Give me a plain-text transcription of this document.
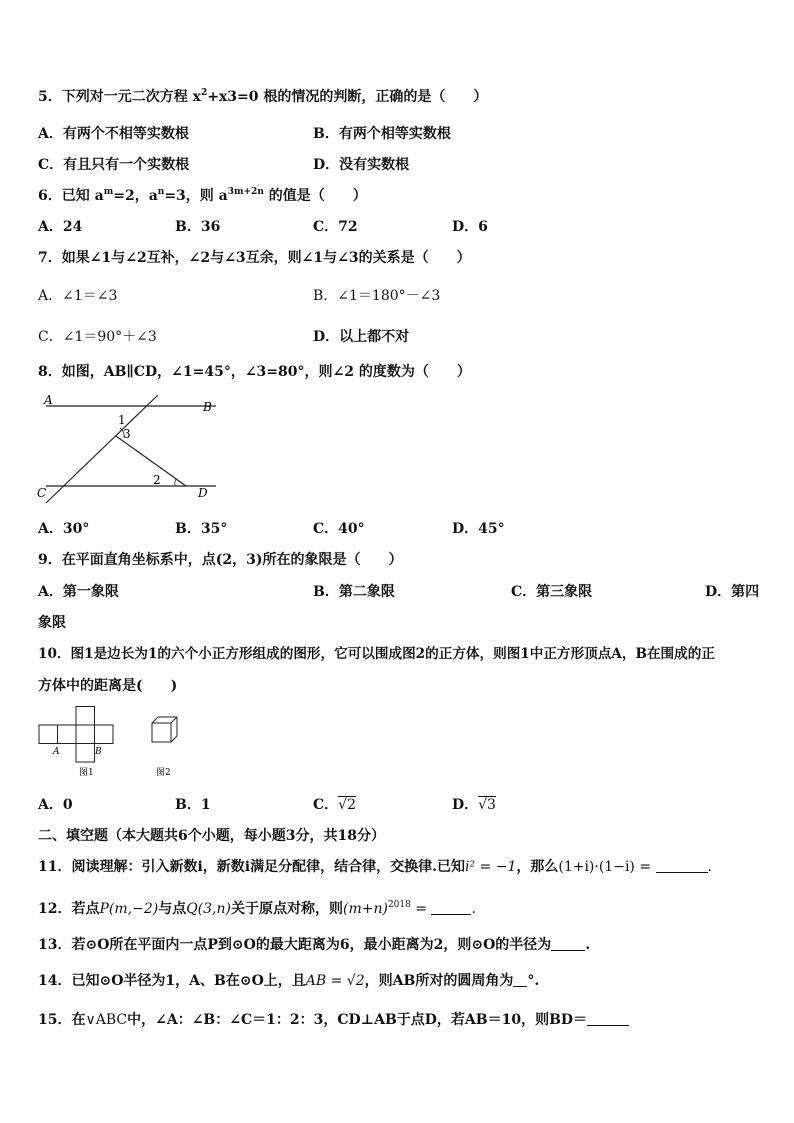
5．下列对一元二次方程 $x^2+x3=0$ 根的情况的判断，正确的是（　　）
A．有两个不相等实数根	B．有两个相等实数根
C．有且只有一个实数根	D．没有实数根
6．已知 $a^m=2$，$a^n=3$，则 $a^{3m+2n}$ 的值是（　　）
A．24	B．36	C．72	D．6
7．如果∠1与∠2互补，∠2与∠3互余，则∠1与∠3的关系是（　　）
A．∠1＝∠3	B．∠1＝180°－∠3
C．∠1＝90°＋∠3	D．以上都不对
8．如图，AB∥CD，∠1=45°，∠3=80°，则∠2 的度数为（　　）
A	B
C	D
1
3
2
A．30°	B．35°	C．40°	D．45°
9．在平面直角坐标系中，点(2，3)所在的象限是（　　）
A．第一象限	B．第二象限	C．第三象限	D．第四
象限
10．图1是边长为1的六个小正方形组成的图形，它可以围成图2的正方体，则图1中正方形顶点A，B在围成的正
方体中的距离是(　　)
A	B
图1	图2
A．0	B．1	C．√2	D．√3
二、填空题（本大题共6个小题，每小题3分，共18分）
11．阅读理解：引入新数i，新数i满足分配律，结合律，交换律.已知i² = −1，那么(1+i)·(1−i) =	.
12．若点P(m,−2)与点Q(3,n)关于原点对称，则$(m+n)^{2018}$ =	.
13．若⊙O所在平面内一点P到⊙O的最大距离为6，最小距离为2，则⊙O的半径为 .
14．已知⊙O半径为1，A、B在⊙O上，且AB = √2，则AB所对的圆周角为 °.
15．在∨ABC中，∠A：∠B：∠C＝1：2：3，CD⊥AB于点D，若AB＝10，则BD＝
